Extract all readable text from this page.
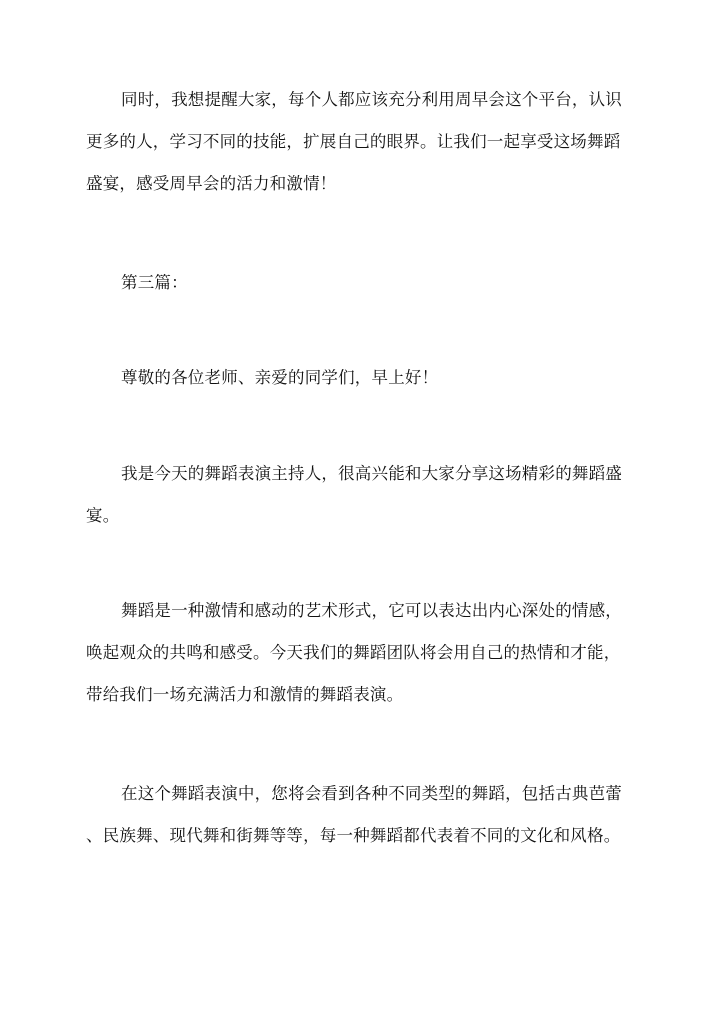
同时，我想提醒大家，每个人都应该充分利用周早会这个平台，认识
更多的人，学习不同的技能，扩展自己的眼界。让我们一起享受这场舞蹈
盛宴，感受周早会的活力和激情！
第三篇：
尊敬的各位老师、亲爱的同学们，早上好！
我是今天的舞蹈表演主持人，很高兴能和大家分享这场精彩的舞蹈盛
宴。
舞蹈是一种激情和感动的艺术形式，它可以表达出内心深处的情感，
唤起观众的共鸣和感受。今天我们的舞蹈团队将会用自己的热情和才能，
带给我们一场充满活力和激情的舞蹈表演。
在这个舞蹈表演中，您将会看到各种不同类型的舞蹈，包括古典芭蕾
、民族舞、现代舞和街舞等等，每一种舞蹈都代表着不同的文化和风格。
